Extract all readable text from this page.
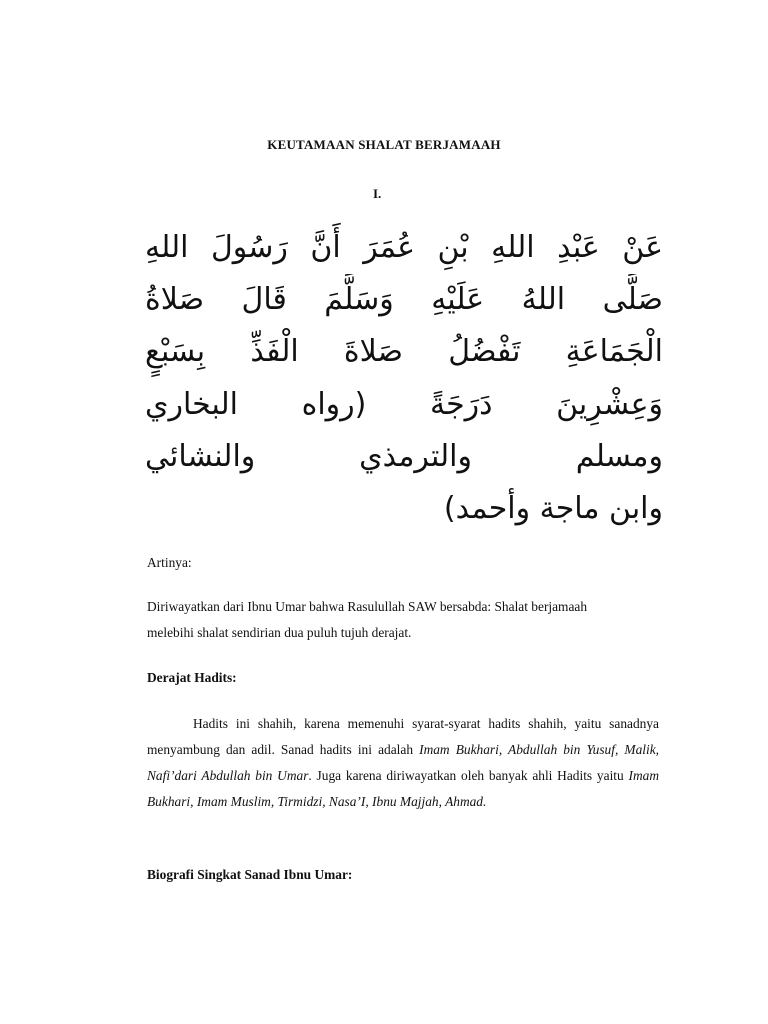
KEUTAMAAN SHALAT BERJAMAAH
I.
عَنْ عَبْدِ اللهِ بْنِ عُمَرَ أَنَّ رَسُولَ اللهِ
صَلَّى اللهُ عَلَيْهِ وَسَلَّمَ قَالَ صَلاةُ
الْجَمَاعَةِ تَفْضُلُ صَلاةَ الْفَذِّ بِسَبْعٍ
وَعِشْرِينَ دَرَجَةً (رواه البخاري
ومسلم والترمذي والنشائي
وابن ماجة وأحمد)
Artinya:
Diriwayatkan dari Ibnu Umar bahwa Rasulullah SAW bersabda: Shalat berjamaah
melebihi shalat sendirian dua puluh tujuh derajat.
Derajat Hadits:
Hadits ini shahih, karena memenuhi syarat-syarat hadits shahih, yaitu sanadnya menyambung dan adil. Sanad hadits ini adalah Imam Bukhari, Abdullah bin Yusuf, Malik, Nafi’dari Abdullah bin Umar. Juga karena diriwayatkan oleh banyak ahli Hadits yaitu Imam Bukhari, Imam Muslim, Tirmidzi, Nasa’I, Ibnu Majjah, Ahmad.
Biografi Singkat Sanad Ibnu Umar:
